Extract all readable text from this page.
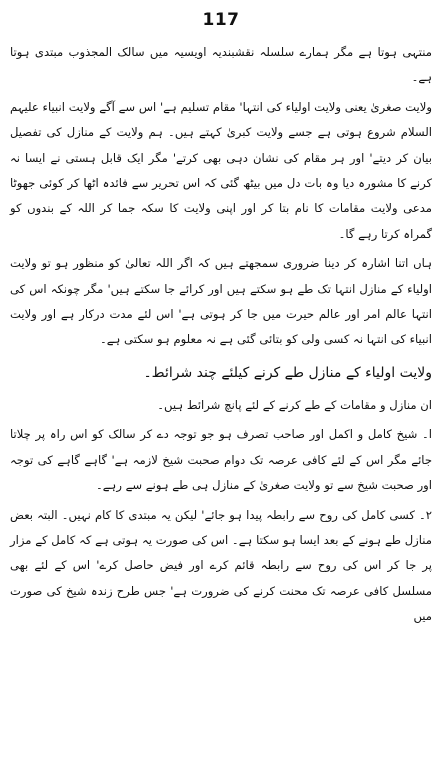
117

منتہی ہوتا ہے مگر ہمارے سلسلہ نقشبندیہ اویسیہ میں سالک المجذوب مبتدی ہوتا ہے۔

ولایت صغریٰ یعنی ولایت اولیاء کی انتہا' مقام تسلیم ہے' اس سے آگے ولایت انبیاء علیہم السلام شروع ہوتی ہے جسے ولایت کبریٰ کہتے ہیں۔ ہم ولایت کے منازل کی تفصیل بیان کر دیتے' اور ہر مقام کی نشان دہی بھی کرتے' مگر ایک قابل ہستی نے ایسا نہ کرنے کا مشورہ دیا وہ بات دل میں بیٹھ گئی کہ اس تحریر سے فائدہ اٹھا کر کوئی جھوٹا مدعی ولایت مقامات کا نام بتا کر اور اپنی ولایت کا سکہ جما کر اللہ کے بندوں کو گمراہ کرتا رہے گا۔

ہاں اتنا اشارہ کر دینا ضروری سمجھتے ہیں کہ اگر اللہ تعالیٰ کو منظور ہو تو ولایت اولیاء کے منازل انتہا تک طے ہو سکتے ہیں اور کرائے جا سکتے ہیں' مگر چونکہ اس کی انتہا عالم امر اور عالم حیرت میں جا کر ہوتی ہے' اس لئے مدت درکار ہے اور ولایت انبیاء کی انتہا نہ کسی ولی کو بتائی گئی ہے نہ معلوم ہو سکتی ہے۔

ولایت اولیاء کے منازل طے کرنے کیلئے چند شرائط۔

ان منازل و مقامات کے طے کرنے کے لئے پانچ شرائط ہیں۔

ا۔ شیخ کامل و اکمل اور صاحب تصرف ہو جو توجہ دے کر سالک کو اس راہ پر چلاتا جائے مگر اس کے لئے کافی عرصہ تک دوام صحبت شیخ لازمہ ہے' گاہے گاہے کی توجہ اور صحبت شیخ سے تو ولایت صغریٰ کے منازل ہی طے ہونے سے رہے۔

۲۔ کسی کامل کی روح سے رابطہ پیدا ہو جائے' لیکن یہ مبتدی کا کام نہیں۔ البتہ بعض منازل طے ہونے کے بعد ایسا ہو سکتا ہے۔ اس کی صورت یہ ہوتی ہے کہ کامل کے مزار پر جا کر اس کی روح سے رابطہ قائم کرے اور فیض حاصل کرے' اس کے لئے بھی مسلسل کافی عرصہ تک محنت کرنے کی ضرورت ہے' جس طرح زندہ شیخ کی صورت میں
